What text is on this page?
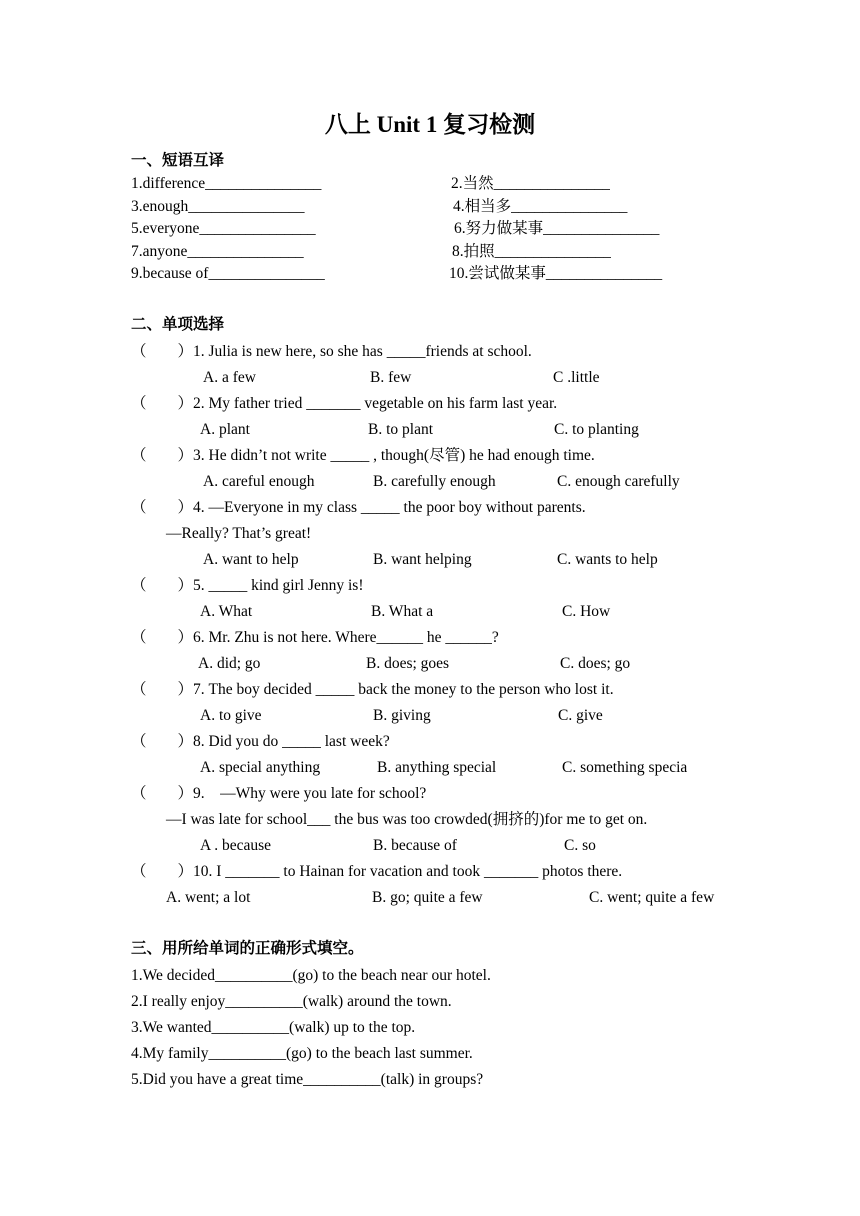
八上 Unit 1 复习检测
一、短语互译
1.difference_______________	2.当然_______________
3.enough_______________	4.相当多_______________
5.everyone_______________	6.努力做某事_______________
7.anyone_______________	8.拍照_______________
9.because of_______________	10.尝试做某事_______________
二、单项选择
（　　）1. Julia is new here, so she has _____friends at school.
A. a few	B. few	C .little
（　　）2. My father tried _______ vegetable on his farm last year.
A. plant	B. to plant	C. to planting
（　　）3. He didn’t not write _____ , though(尽管) he had enough time.
A. careful enough	B. carefully enough	C. enough carefully
（　　）4. —Everyone in my class _____ the poor boy without parents.
—Really? That’s great!
A. want to help	B. want helping	C. wants to help
（　　）5. _____ kind girl Jenny is!
A. What	B. What a	C. How
（　　）6. Mr. Zhu is not here. Where______ he ______?
A. did; go	B. does; goes	C. does; go
（　　）7. The boy decided _____ back the money to the person who lost it.
A. to give	B. giving	C. give
（　　）8. Did you do _____ last week?
A. special anything	B. anything special	C. something specia
（　　）9.　—Why were you late for school?
—I was late for school___ the bus was too crowded(拥挤的)for me to get on.
A . because	B. because of	C. so
（　　）10. I _______ to Hainan for vacation and took _______ photos there.
A. went; a lot	B. go; quite a few	C. went; quite a few
三、用所给单词的正确形式填空。
1.We decided__________(go) to the beach near our hotel.
2.I really enjoy__________(walk) around the town.
3.We wanted__________(walk) up to the top.
4.My family__________(go) to the beach last summer.
5.Did you have a great time__________(talk) in groups?
